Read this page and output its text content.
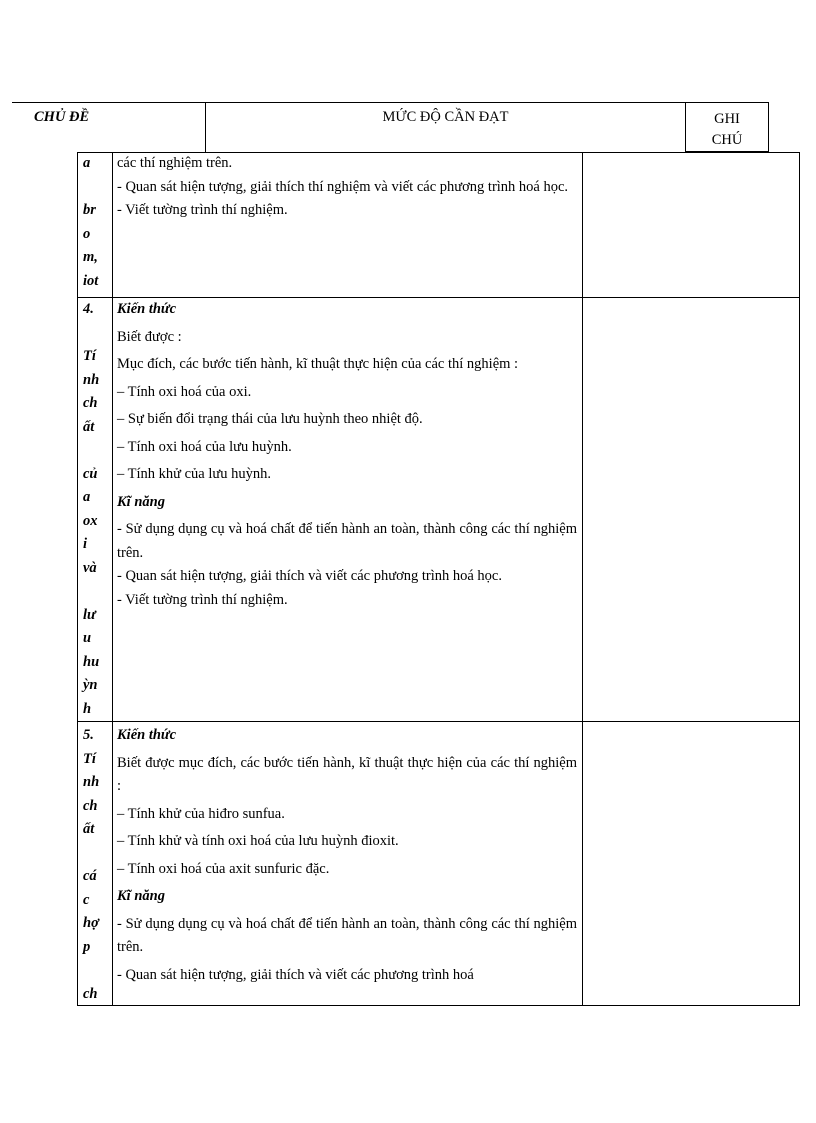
CHỦ ĐỀ	MỨC ĐỘ CẦN ĐẠT	GHI
CHÚ
a

br
o
m,
iot

các thí nghiệm trên.

- Quan sát hiện tượng, giải thích thí nghiệm và viết các phương trình hoá học.

- Viết tường trình thí nghiệm.

4.

Tí
nh
ch
ất

củ
a
ox
i
và

lư
u
hu
ỳn
h

Kiến thức

Biết được :

Mục đích, các bước tiến hành, kĩ thuật thực hiện của các thí nghiệm :

– Tính oxi hoá của oxi.

– Sự biến đổi trạng thái của lưu huỳnh theo nhiệt độ.

– Tính oxi hoá của lưu huỳnh.

– Tính khử của lưu huỳnh.

Kĩ năng

- Sử dụng dụng cụ và hoá chất để tiến hành an toàn, thành công các thí nghiệm trên.

- Quan sát hiện tượng, giải thích và viết các phương trình hoá học.

- Viết tường trình thí nghiệm.

5.
Tí
nh
ch
ất

cá
c
hợ
p

ch

Kiến thức

Biết được mục đích, các bước tiến hành, kĩ thuật thực hiện của các thí nghiệm :

– Tính khử của hiđro sunfua.

– Tính khử và tính oxi hoá của lưu huỳnh đioxit.

– Tính oxi hoá của axit sunfuric đặc.

Kĩ năng

- Sử dụng dụng cụ và hoá chất để tiến hành an toàn, thành công các thí nghiệm trên.

- Quan sát hiện tượng, giải thích và viết các phương trình hoá
